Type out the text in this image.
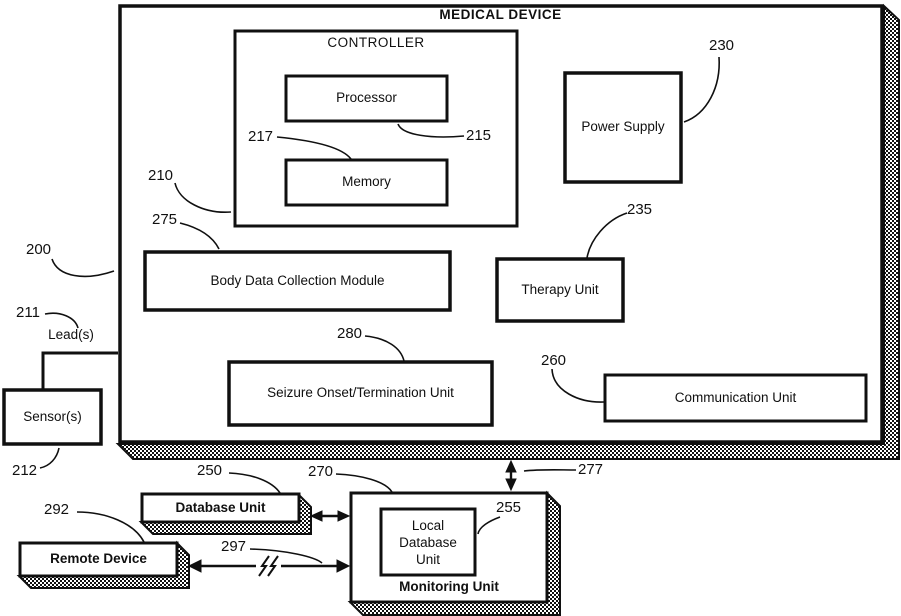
MEDICAL DEVICE
CONTROLLER
Processor
Memory
Power Supply
Body Data Collection Module
Therapy Unit
Seizure Onset/Termination Unit	Communication Unit
Sensor(s)
Lead(s)
Database Unit
Local
Database
Unit
Monitoring Unit
Remote Device
200
210
211
212
215
217
230
235
250
255
260
270
275
277
280
292
297
